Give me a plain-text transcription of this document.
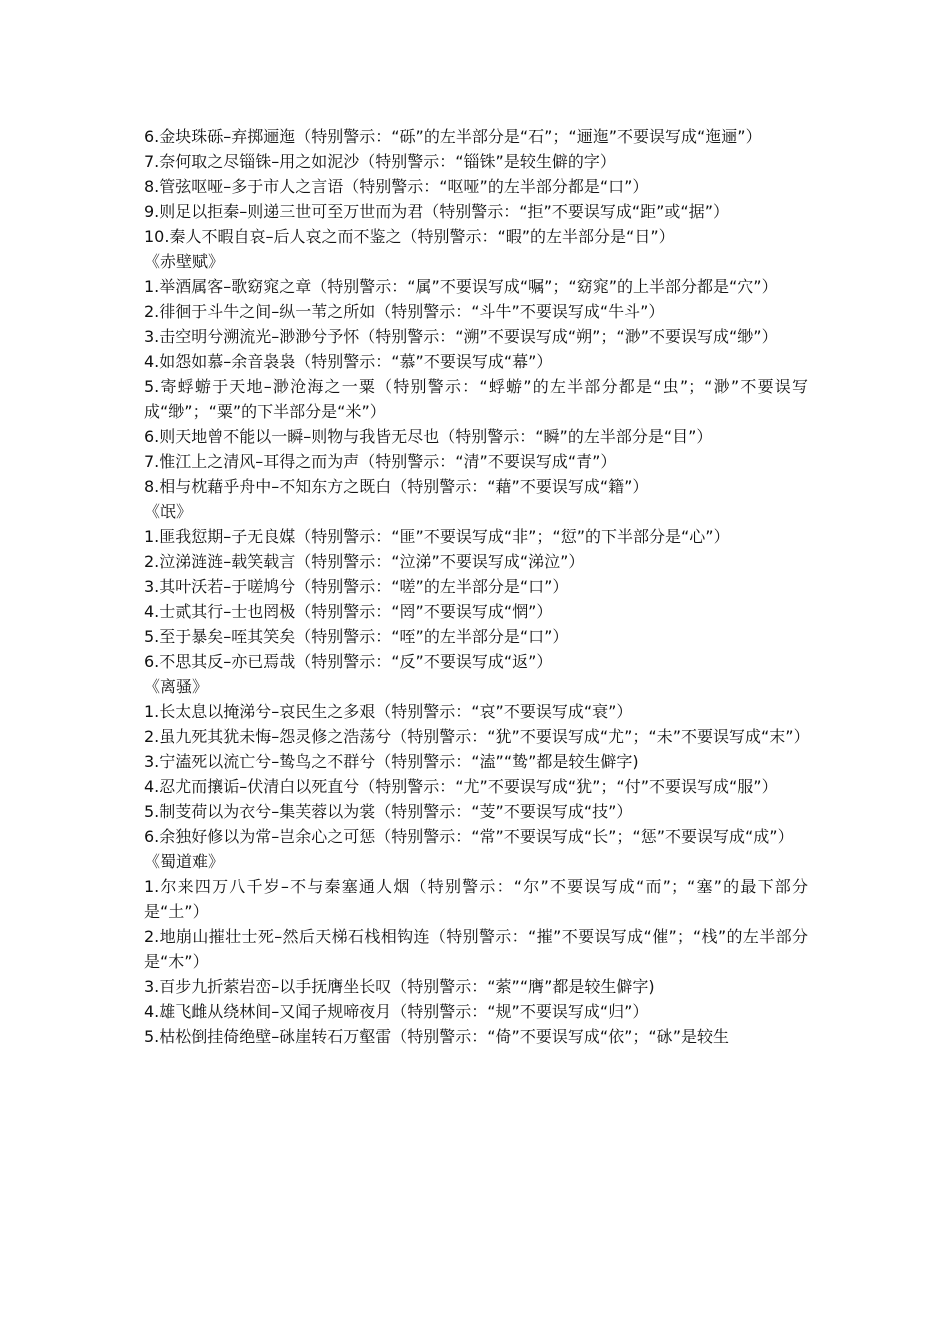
6.金块珠砾–弃掷逦迤（特别警示：“砾”的左半部分是“石”；“逦迤”不要误写成“迤逦”）

7.奈何取之尽锱铢–用之如泥沙（特别警示：“锱铢”是较生僻的字）

8.管弦呕哑–多于市人之言语（特别警示：“呕哑”的左半部分都是“口”）

9.则足以拒秦–则递三世可至万世而为君（特别警示：“拒”不要误写成“距”或“据”）

10.秦人不暇自哀–后人哀之而不鉴之（特别警示：“暇”的左半部分是“日”）

《赤壁赋》

1.举酒属客–歌窈窕之章（特别警示：“属”不要误写成“嘱”；“窈窕”的上半部分都是“穴”）

2.徘徊于斗牛之间–纵一苇之所如（特别警示：“斗牛”不要误写成“牛斗”）

3.击空明兮溯流光–渺渺兮予怀（特别警示：“溯”不要误写成“朔”；“渺”不要误写成“缈”）

4.如怨如慕–余音袅袅（特别警示：“慕”不要误写成“幕”）

5.寄蜉蝣于天地–渺沧海之一粟（特别警示：“蜉蝣”的左半部分都是“虫”；“渺”不要误写成“缈”；“粟”的下半部分是“米”）

6.则天地曾不能以一瞬–则物与我皆无尽也（特别警示：“瞬”的左半部分是“目”）

7.惟江上之清风–耳得之而为声（特别警示：“清”不要误写成“青”）

8.相与枕藉乎舟中–不知东方之既白（特别警示：“藉”不要误写成“籍”）

《氓》

1.匪我愆期–子无良媒（特别警示：“匪”不要误写成“非”；“愆”的下半部分是“心”）

2.泣涕涟涟–载笑载言（特别警示：“泣涕”不要误写成“涕泣”）

3.其叶沃若–于嗟鸠兮（特别警示：“嗟”的左半部分是“口”）

4.士贰其行–士也罔极（特别警示：“罔”不要误写成“惘”）

5.至于暴矣–咥其笑矣（特别警示：“咥”的左半部分是“口”）

6.不思其反–亦已焉哉（特别警示：“反”不要误写成“返”）

《离骚》

1.长太息以掩涕兮–哀民生之多艰（特别警示：“哀”不要误写成“衰”）

2.虽九死其犹未悔–怨灵修之浩荡兮（特别警示：“犹”不要误写成“尤”；“未”不要误写成“末”）

3.宁溘死以流亡兮–鸷鸟之不群兮（特别警示：“溘”“鸷”都是较生僻字)

4.忍尤而攘诟–伏清白以死直兮（特别警示：“尤”不要误写成“犹”；“付”不要误写成“服”）

5.制芰荷以为衣兮–集芙蓉以为裳（特别警示：“芰”不要误写成“技”）

6.余独好修以为常–岂余心之可惩（特别警示：“常”不要误写成“长”；“惩”不要误写成“成”）

《蜀道难》

1.尔来四万八千岁–不与秦塞通人烟（特别警示：“尔”不要误写成“而”；“塞”的最下部分是“土”）

2.地崩山摧壮士死–然后天梯石栈相钩连（特别警示：“摧”不要误写成“催”；“栈”的左半部分是“木”）

3.百步九折萦岩峦–以手抚膺坐长叹（特别警示：“萦”“膺”都是较生僻字)

4.雄飞雌从绕林间–又闻子规啼夜月（特别警示：“规”不要误写成“归”）

5.枯松倒挂倚绝壁–砯崖转石万壑雷（特别警示：“倚”不要误写成“依”；“砯”是较生
